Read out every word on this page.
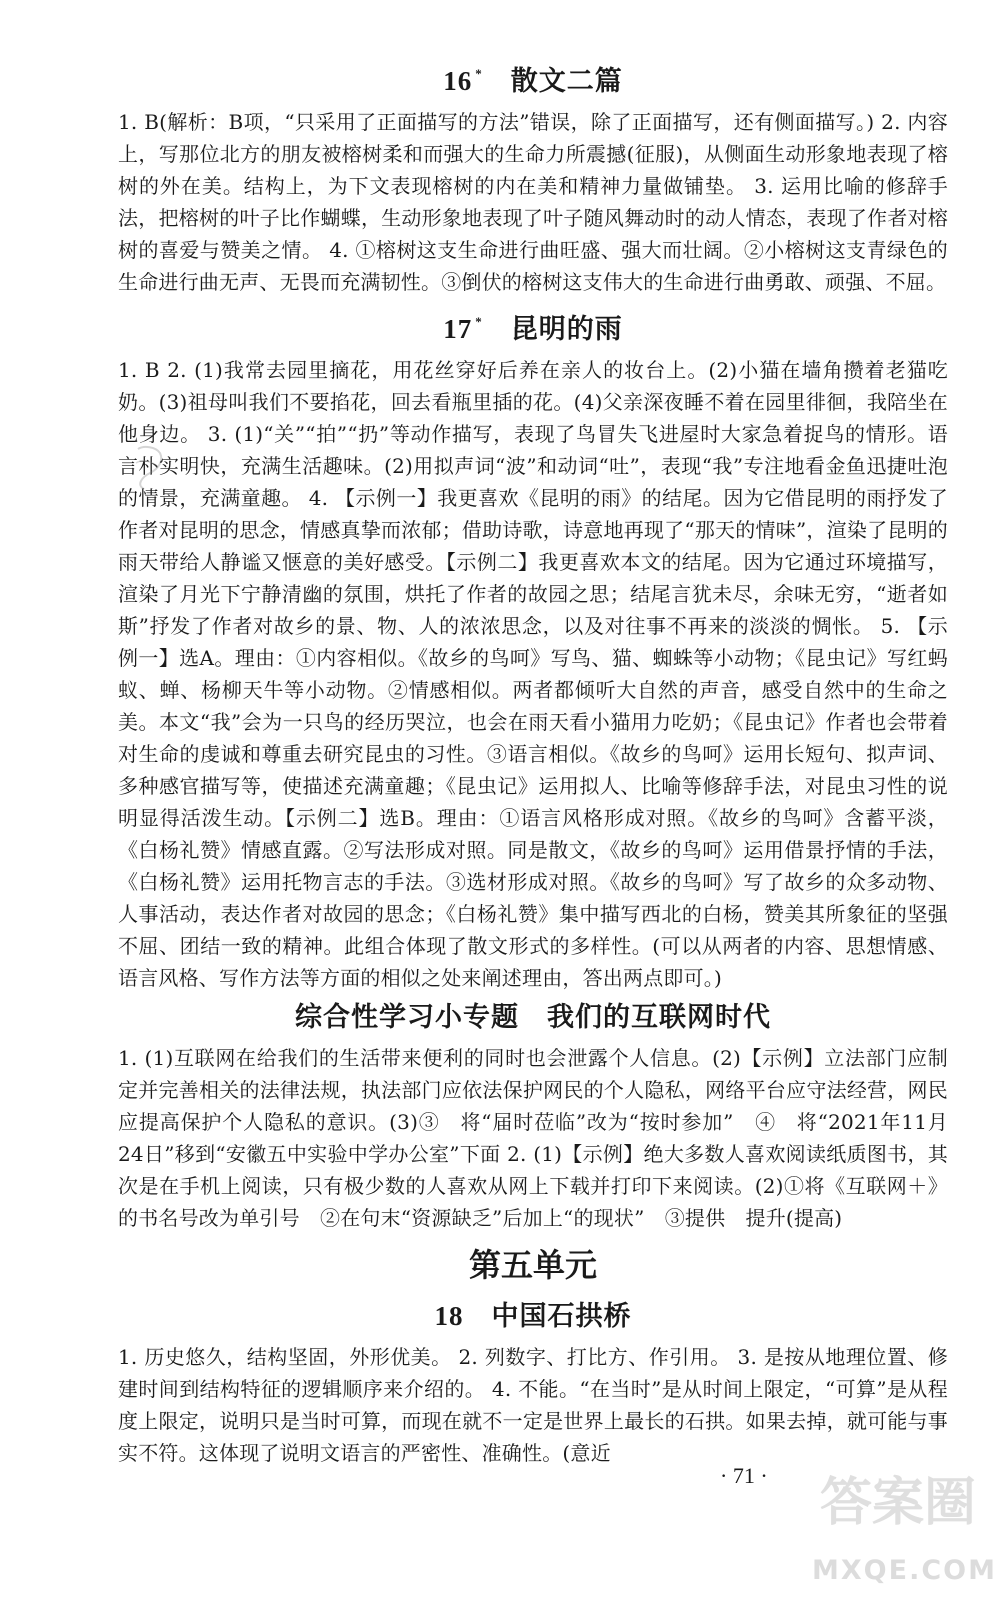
16 * 散文二篇

1. B(解析：B项，“只采用了正面描写的方法”错误，除了正面描写，还有侧面描写。) 2. 内容上，写那位北方的朋友被榕树柔和而强大的生命力所震撼(征服)，从侧面生动形象地表现了榕树的外在美。结构上，为下文表现榕树的内在美和精神力量做铺垫。 3. 运用比喻的修辞手法，把榕树的叶子比作蝴蝶，生动形象地表现了叶子随风舞动时的动人情态，表现了作者对榕树的喜爱与赞美之情。 4. ①榕树这支生命进行曲旺盛、强大而壮阔。②小榕树这支青绿色的生命进行曲无声、无畏而充满韧性。③倒伏的榕树这支伟大的生命进行曲勇敢、顽强、不屈。

17 * 昆明的雨

1. B 2. (1)我常去园里摘花，用花丝穿好后养在亲人的妆台上。(2)小猫在墙角攒着老猫吃奶。(3)祖母叫我们不要掐花，回去看瓶里插的花。(4)父亲深夜睡不着在园里徘徊，我陪坐在他身边。 3. (1)“关”“拍”“扔”等动作描写，表现了鸟冒失飞进屋时大家急着捉鸟的情形。语言朴实明快，充满生活趣味。(2)用拟声词“波”和动词“吐”，表现“我”专注地看金鱼迅捷吐泡的情景，充满童趣。 4. 【示例一】我更喜欢《昆明的雨》的结尾。因为它借昆明的雨抒发了作者对昆明的思念，情感真挚而浓郁；借助诗歌，诗意地再现了“那天的情味”，渲染了昆明的雨天带给人静谧又惬意的美好感受。【示例二】我更喜欢本文的结尾。因为它通过环境描写，渲染了月光下宁静清幽的氛围，烘托了作者的故园之思；结尾言犹未尽，余味无穷，“逝者如斯”抒发了作者对故乡的景、物、人的浓浓思念，以及对往事不再来的淡淡的惆怅。 5. 【示例一】选A。理由：①内容相似。《故乡的鸟呵》写鸟、猫、蜘蛛等小动物；《昆虫记》写红蚂蚁、蝉、杨柳天牛等小动物。②情感相似。两者都倾听大自然的声音，感受自然中的生命之美。本文“我”会为一只鸟的经历哭泣，也会在雨天看小猫用力吃奶；《昆虫记》作者也会带着对生命的虔诚和尊重去研究昆虫的习性。③语言相似。《故乡的鸟呵》运用长短句、拟声词、多种感官描写等，使描述充满童趣；《昆虫记》运用拟人、比喻等修辞手法，对昆虫习性的说明显得活泼生动。【示例二】选B。理由：①语言风格形成对照。《故乡的鸟呵》含蓄平淡，《白杨礼赞》情感直露。②写法形成对照。同是散文，《故乡的鸟呵》运用借景抒情的手法，《白杨礼赞》运用托物言志的手法。③选材形成对照。《故乡的鸟呵》写了故乡的众多动物、人事活动，表达作者对故园的思念；《白杨礼赞》集中描写西北的白杨，赞美其所象征的坚强不屈、团结一致的精神。此组合体现了散文形式的多样性。(可以从两者的内容、思想情感、语言风格、写作方法等方面的相似之处来阐述理由，答出两点即可。)

综合性学习小专题　我们的互联网时代

1. (1)互联网在给我们的生活带来便利的同时也会泄露个人信息。(2)【示例】立法部门应制定并完善相关的法律法规，执法部门应依法保护网民的个人隐私，网络平台应守法经营，网民应提高保护个人隐私的意识。(3)③　将“届时莅临”改为“按时参加”　④　将“2021年11月24日”移到“安徽五中实验中学办公室”下面 2. (1)【示例】绝大多数人喜欢阅读纸质图书，其次是在手机上阅读，只有极少数的人喜欢从网上下载并打印下来阅读。(2)①将《互联网＋》的书名号改为单引号　②在句末“资源缺乏”后加上“的现状”　③提供　提升(提高)

第五单元
18 中国石拱桥

1. 历史悠久，结构坚固，外形优美。 2. 列数字、打比方、作引用。 3. 是按从地理位置、修建时间到结构特征的逻辑顺序来介绍的。 4. 不能。“在当时”是从时间上限定，“可算”是从程度上限定，说明只是当时可算，而现在就不一定是世界上最长的石拱。如果去掉，就可能与事实不符。这体现了说明文语言的严密性、准确性。(意近

· 71 · 答案圈
MXQE.COM
